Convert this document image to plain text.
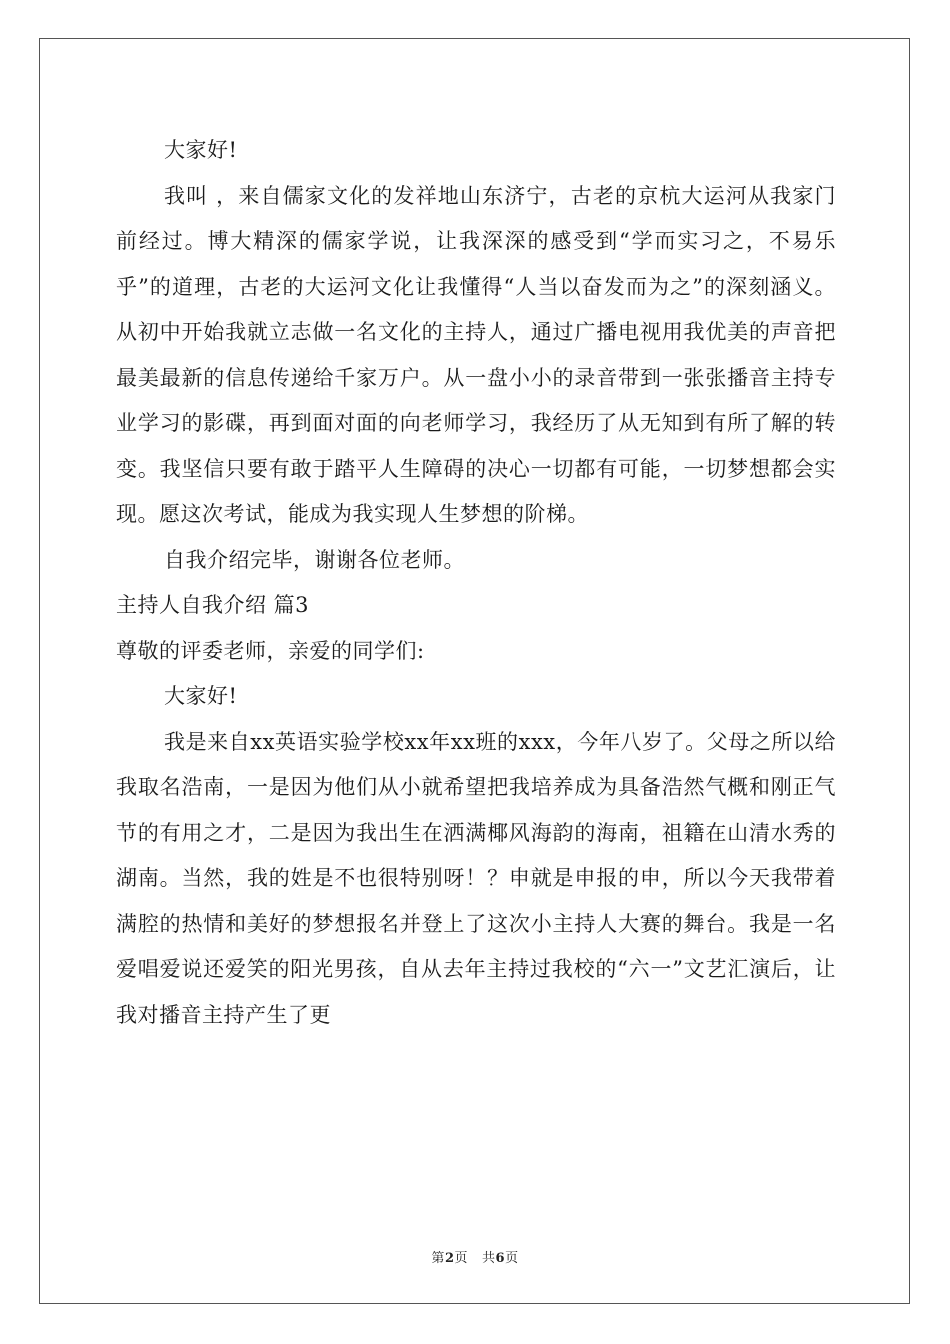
大家好!

我叫 ，来自儒家文化的发祥地山东济宁，古老的京杭大运河从我家门前经过。博大精深的儒家学说，让我深深的感受到“学而实习之，不易乐乎”的道理，古老的大运河文化让我懂得“人当以奋发而为之”的深刻涵义。从初中开始我就立志做一名文化的主持人，通过广播电视用我优美的声音把最美最新的信息传递给千家万户。从一盘小小的录音带到一张张播音主持专业学习的影碟，再到面对面的向老师学习，我经历了从无知到有所了解的转变。我坚信只要有敢于踏平人生障碍的决心一切都有可能，一切梦想都会实现。愿这次考试，能成为我实现人生梦想的阶梯。

自我介绍完毕，谢谢各位老师。

主持人自我介绍 篇3

尊敬的评委老师，亲爱的同学们:

大家好!

我是来自xx英语实验学校xx年xx班的xxx，今年八岁了。父母之所以给我取名浩南，一是因为他们从小就希望把我培养成为具备浩然气概和刚正气节的有用之才，二是因为我出生在洒满椰风海韵的海南，祖籍在山清水秀的湖南。当然，我的姓是不也很特别呀！？申就是申报的申，所以今天我带着满腔的热情和美好的梦想报名并登上了这次小主持人大赛的舞台。我是一名爱唱爱说还爱笑的阳光男孩，自从去年主持过我校的“六一”文艺汇演后，让我对播音主持产生了更

第2页 共6页
